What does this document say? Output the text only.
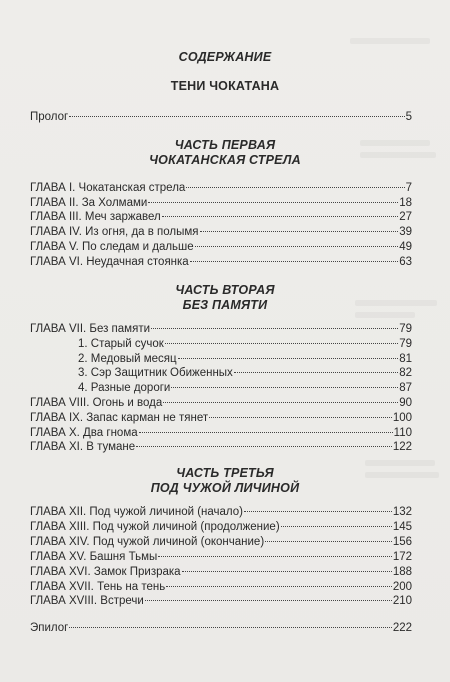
СОДЕРЖАНИЕ
ТЕНИ ЧОКАТАНА
Пролог	5
ЧАСТЬ ПЕРВАЯ
ЧОКАТАНСКАЯ СТРЕЛА
ГЛАВА I. Чокатанская стрела	7
ГЛАВА II. За Холмами	18
ГЛАВА III. Меч заржавел	27
ГЛАВА IV. Из огня, да в полымя	39
ГЛАВА V. По следам и дальше	49
ГЛАВА VI. Неудачная стоянка	63
ЧАСТЬ ВТОРАЯ
БЕЗ ПАМЯТИ
ГЛАВА VII. Без памяти	79
1. Старый сучок	79
2. Медовый месяц	81
3. Сэр Защитник Обиженных	82
4. Разные дороги	87
ГЛАВА VIII. Огонь и вода	90
ГЛАВА IX. Запас карман не тянет	100
ГЛАВА X. Два гнома	110
ГЛАВА XI. В тумане	122
ЧАСТЬ ТРЕТЬЯ
ПОД ЧУЖОЙ ЛИЧИНОЙ
ГЛАВА XII. Под чужой личиной (начало)	132
ГЛАВА XIII. Под чужой личиной (продолжение)	145
ГЛАВА XIV. Под чужой личиной (окончание)	156
ГЛАВА XV. Башня Тьмы	172
ГЛАВА XVI. Замок Призрака	188
ГЛАВА XVII. Тень на тень	200
ГЛАВА XVIII. Встречи	210
Эпилог	222
